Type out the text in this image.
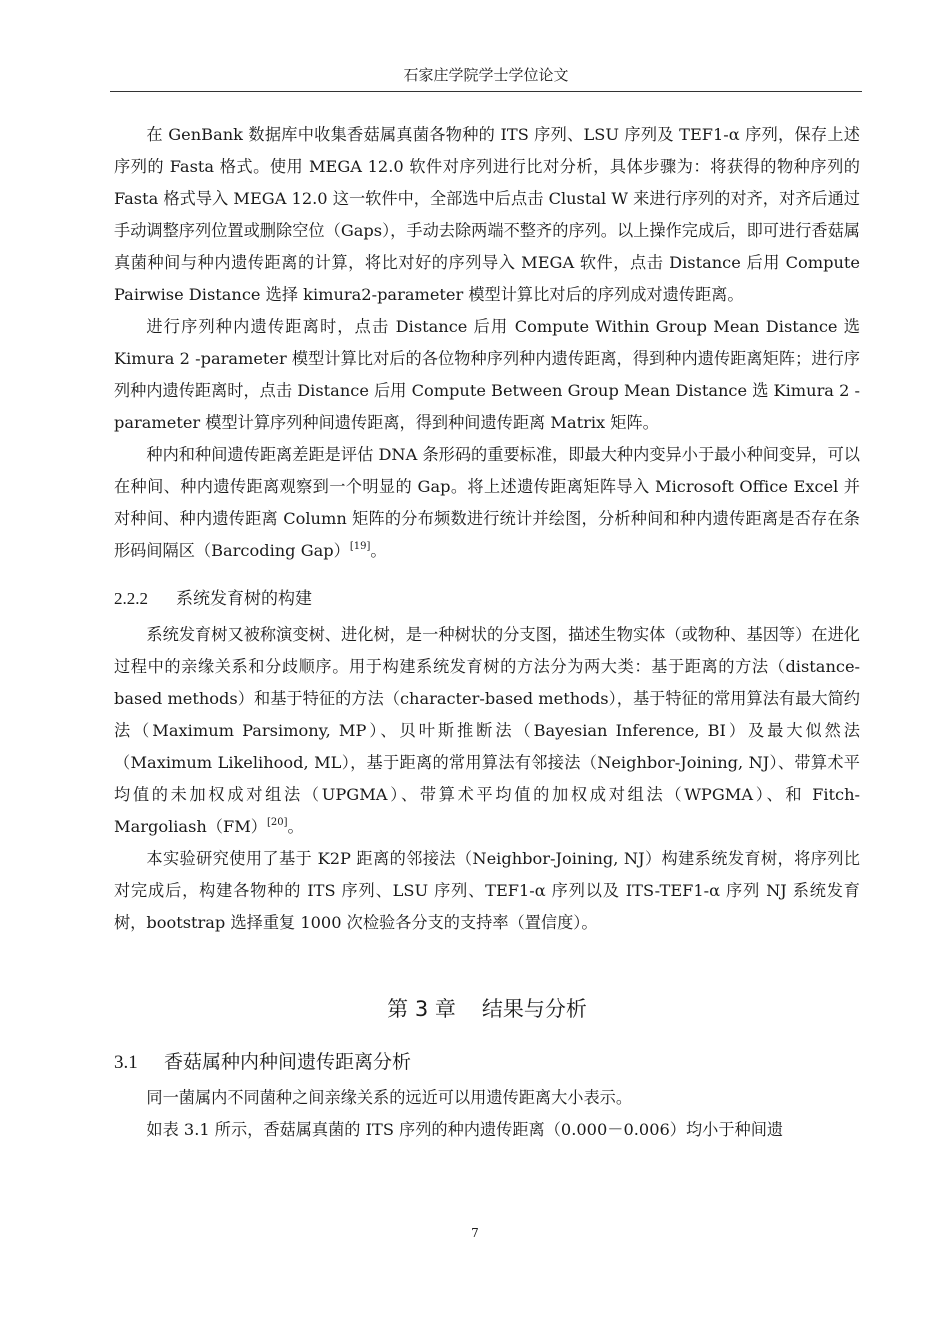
石家庄学院学士学位论文

在 GenBank 数据库中收集香菇属真菌各物种的 ITS 序列、LSU 序列及 TEF1-α 序列，保存上述序列的 Fasta 格式。使用 MEGA 12.0 软件对序列进行比对分析，具体步骤为：将获得的物种序列的 Fasta 格式导入 MEGA 12.0 这一软件中，全部选中后点击 Clustal W 来进行序列的对齐，对齐后通过手动调整序列位置或删除空位（Gaps），手动去除两端不整齐的序列。以上操作完成后，即可进行香菇属真菌种间与种内遗传距离的计算，将比对好的序列导入 MEGA 软件，点击 Distance 后用 Compute Pairwise Distance 选择 kimura2-parameter 模型计算比对后的序列成对遗传距离。

进行序列种内遗传距离时，点击 Distance 后用 Compute Within Group Mean Distance 选 Kimura 2 -parameter 模型计算比对后的各位物种序列种内遗传距离，得到种内遗传距离矩阵；进行序列种内遗传距离时，点击 Distance 后用 Compute Between Group Mean Distance 选 Kimura 2 -parameter 模型计算序列种间遗传距离，得到种间遗传距离 Matrix 矩阵。

种内和种间遗传距离差距是评估 DNA 条形码的重要标准，即最大种内变异小于最小种间变异，可以在种间、种内遗传距离观察到一个明显的 Gap。将上述遗传距离矩阵导入 Microsoft Office Excel 并对种间、种内遗传距离 Column 矩阵的分布频数进行统计并绘图，分析种间和种内遗传距离是否存在条形码间隔区（Barcoding Gap）[19]。

2.2.2 系统发育树的构建

系统发育树又被称演变树、进化树，是一种树状的分支图，描述生物实体（或物种、基因等）在进化过程中的亲缘关系和分歧顺序。用于构建系统发育树的方法分为两大类：基于距离的方法（distance-based methods）和基于特征的方法（character-based methods），基于特征的常用算法有最大简约法（Maximum Parsimony, MP）、贝叶斯推断法（Bayesian Inference, BI）及最大似然法（Maximum Likelihood, ML），基于距离的常用算法有邻接法（Neighbor-Joining, NJ）、带算术平均值的未加权成对组法（UPGMA）、带算术平均值的加权成对组法（WPGMA）、和 Fitch-Margoliash（FM）[20]。

本实验研究使用了基于 K2P 距离的邻接法（Neighbor-Joining, NJ）构建系统发育树，将序列比对完成后，构建各物种的 ITS 序列、LSU 序列、TEF1-α 序列以及 ITS-TEF1-α 序列 NJ 系统发育树，bootstrap 选择重复 1000 次检验各分支的支持率（置信度）。

第 3 章 结果与分析
3.1 香菇属种内种间遗传距离分析

同一菌属内不同菌种之间亲缘关系的远近可以用遗传距离大小表示。

如表 3.1 所示，香菇属真菌的 ITS 序列的种内遗传距离（0.000－0.006）均小于种间遗

7
